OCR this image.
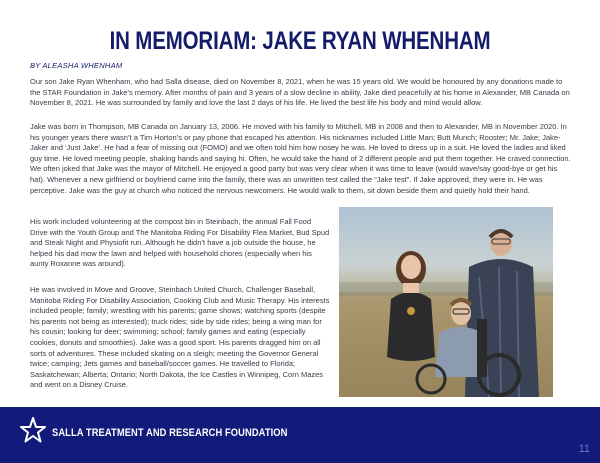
IN MEMORIAM: JAKE RYAN WHENHAM
BY ALEASHA WHENHAM

Our son Jake Ryan Whenham, who had Salla disease, died on November 8, 2021, when he was 15 years old. We would be honoured by any donations made to the STAR Foundation in Jake’s memory. After months of pain and 3 years of a slow decline in ability, Jake died peacefully at his home in Alexander, MB Canada on November 8, 2021. He was surrounded by family and love the last 2 days of his life. He lived the best life his body and mind would allow.

Jake was born in Thompson, MB Canada on January 13, 2006. He moved with his family to Mitchell, MB in 2008 and then to Alexander, MB in November 2020. In his younger years there wasn’t a Tim Horton’s or pay phone that escaped his attention. His nicknames included Little Man; Butt Munch; Rooster; Mr. Jake; Jake-Jaker and ‘Just Jake’. He had a fear of missing out (FOMO) and we often told him how nosey he was. He loved to dress up in a suit. He loved the ladies and liked guy time. He loved meeting people, shaking hands and saying hi. Often, he would take the hand of 2 different people and put them together. He craved connection. We often joked that Jake was the mayor of Mitchell. He enjoyed a good party but was very clear when it was time to leave (would wave/say good-bye or get his hat). Whenever a new girlfriend or boyfriend came into the family, there was an unwritten test called the “Jake test”. If Jake approved, they were in. He was perceptive. Jake was the guy at church who noticed the nervous newcomers. He would walk to them, sit down beside them and quietly hold their hand.

His work included volunteering at the compost bin in Steinbach, the annual Fall Food Drive with the Youth Group and The Manitoba Riding For Disability Flea Market, Bud Spud and Steak Night and Physiofit run. Although he didn’t have a job outside the house, he helped his dad mow the lawn and helped with household chores (especially when his aunty Roxanne was around).

He was involved in Move and Groove, Steinbach United Church, Challenger Baseball, Manitoba Riding For Disability Association, Cooking Club and Music Therapy. His interests included people; family; wrestling with his parents; game shows; watching sports (despite his parents not being as interested); truck rides; side by side rides; being a wing man for his cousin; looking for deer; swimming; school; family games and eating (especially cookies, donuts and smoothies). Jake was a good sport. His parents dragged him on all sorts of adventures. These included skating on a sleigh; meeting the Governor General twice; camping; Jets games and baseball/soccer games. He travelled to Florida; Saskatchewan; Alberta; Ontario; North Dakota, the Ice Castles in Winnipeg, Corn Mazes and went on a Disney Cruise.

SALLA TREATMENT AND RESEARCH FOUNDATION
11
